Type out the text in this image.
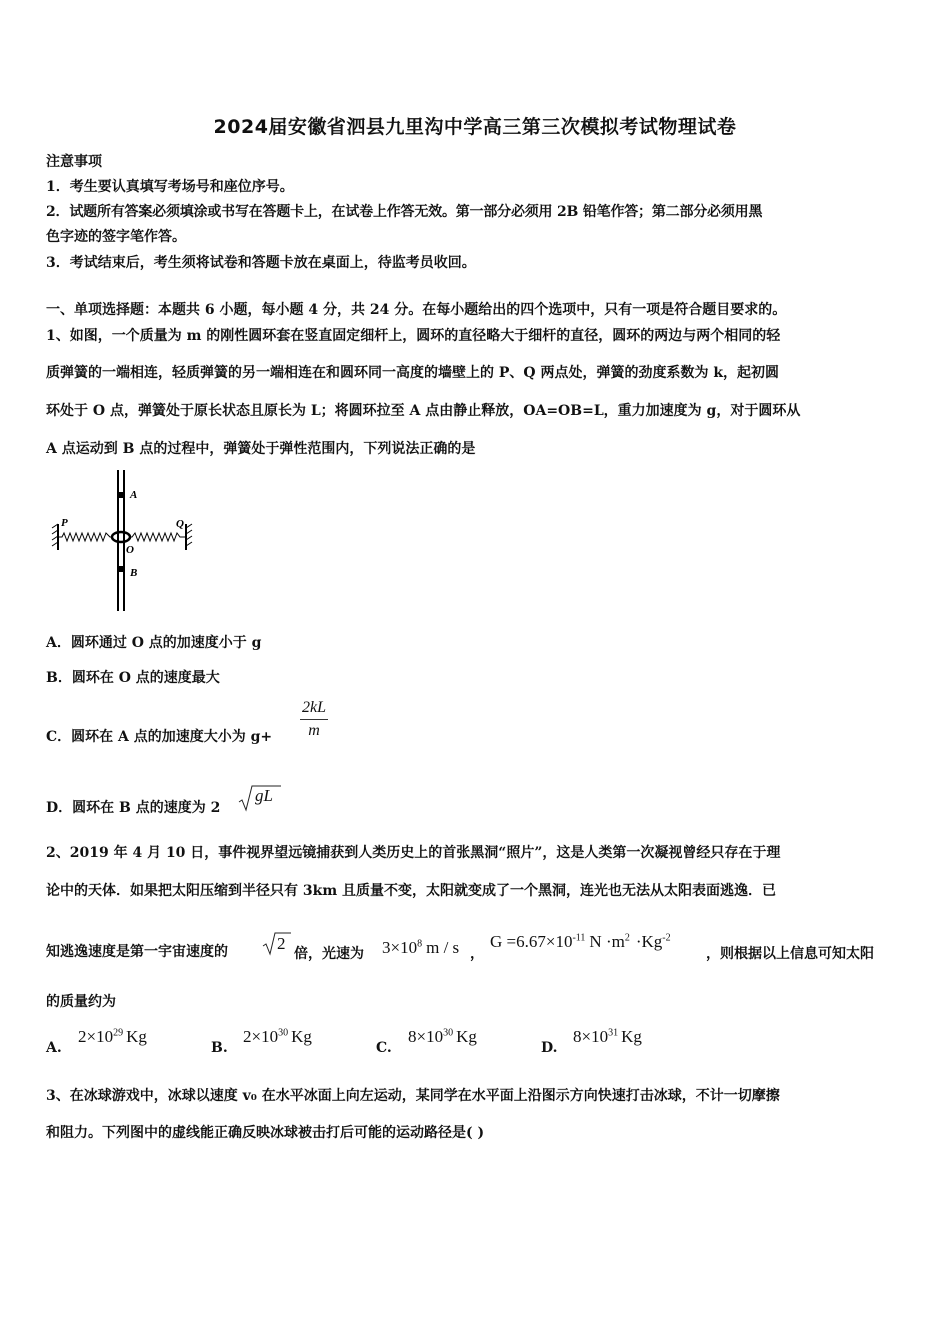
2024届安徽省泗县九里沟中学高三第三次模拟考试物理试卷
注意事项
1．考生要认真填写考场号和座位序号。
2．试题所有答案必须填涂或书写在答题卡上，在试卷上作答无效。第一部分必须用 2B 铅笔作答；第二部分必须用黑
色字迹的签字笔作答。
3．考试结束后，考生须将试卷和答题卡放在桌面上，待监考员收回。
一、单项选择题：本题共 6 小题，每小题 4 分，共 24 分。在每小题给出的四个选项中，只有一项是符合题目要求的。
1、如图，一个质量为 m 的刚性圆环套在竖直固定细杆上，圆环的直径略大于细杆的直径，圆环的两边与两个相同的轻
质弹簧的一端相连，轻质弹簧的另一端相连在和圆环同一高度的墙壁上的 P、Q 两点处，弹簧的劲度系数为 k，起初圆
环处于 O 点，弹簧处于原长状态且原长为 L；将圆环拉至 A 点由静止释放，OA=OB=L，重力加速度为 g，对于圆环从
A 点运动到 B 点的过程中，弹簧处于弹性范围内，下列说法正确的是
A
B
O
P	Q
A．圆环通过 O 点的加速度小于 g
B．圆环在 O 点的速度最大
C．圆环在 A 点的加速度大小为 $g+ \frac{2kL}{m}$
D．圆环在 B 点的速度为 2
gL
2、2019 年 4 月 10 日，事件视界望远镜捕获到人类历史上的首张黑洞“照片”，这是人类第一次凝视曾经只存在于理
论中的天体．如果把太阳压缩到半径只有 3km 且质量不变，太阳就变成了一个黑洞，连光也无法从太阳表面逃逸．已
知逃逸速度是第一宇宙速度的	2
倍，光速为 $3\times 10^8$ m / s ，
$G =6.67\times 10^{-11}$ $N \cdot m^2 \cdot Kg^{-2}$
，则根据以上信息可知太阳
的质量约为
A.
$2\times 10^{29}$ Kg
B.
$2\times 10^{30}$ Kg
C.
$8\times 10^{30}$ Kg
D.
$8\times 10^{31}$ Kg
3、在冰球游戏中，冰球以速度 v₀ 在水平冰面上向左运动，某同学在水平面上沿图示方向快速打击冰球，不计一切摩擦
和阻力。下列图中的虚线能正确反映冰球被击打后可能的运动路径是( )
